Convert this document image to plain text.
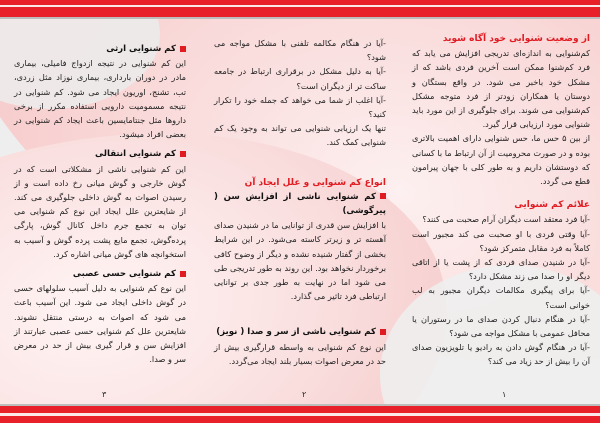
از وضعیت شنوایی خود آگاه شوید

کم‌شنوایی به اندازه‌ای تدریجی افزایش می یابد که فرد کم‌شنوا ممکن است آخرین فردی باشد که از مشکل خود باخبر می شود. در واقع بستگان و دوستان یا همکاران زودتر از فرد متوجه مشکل کم‌شنوایی می شوند. برای جلوگیری از این مورد باید شنوایی مورد ارزیابی قرار گیرد.

از بین ۵ حس ما، حس شنوایی دارای اهمیت بالاتری بوده و در صورت محرومیت از آن ارتباط ما با کسانی که دوستشان داریم و به طور کلی با جهان پیرامون قطع می گردد.

علائم کم شنوایی

-آیا فرد معتقد است دیگران آرام صحبت می کنند؟

-آیا وقتی فردی با او صحبت می کند مجبور است کاملاً به فرد مقابل متمرکز شود؟

-آیا در شنیدن صدای فردی که از پشت یا از اتاقی دیگر او را صدا می زند مشکل دارد؟

-آیا برای پیگیری مکالمات دیگران مجبور به لب خوانی است؟

-آیا در هنگام دنبال کردن صدای ما در رستوران یا محافل عمومی با مشکل مواجه می شود؟

-آیا در هنگام گوش دادن به رادیو یا تلویزیون صدای آن را بیش از حد زیاد می کند؟

۱

-آیا در هنگام مکالمه تلفنی با مشکل مواجه می شود؟

-آیا به دلیل مشکل در برقراری ارتباط در جامعه ساکت تر از دیگران است؟

-آیا اغلب از شما می خواهد که جمله خود را تکرار کنید؟

تنها یک ارزیابی شنوایی می تواند به وجود یک کم شنوایی کمک کند.

انواع کم شنوایی و علل ایجاد آن

کم شنوایی ناشی از افزایش سن ( پیرگوشی)

با افزایش سن قدری از توانایی ما در شنیدن صدای آهسته تر و زیرتر کاسته می‌شود. در این شرایط بخشی از گفتار شنیده نشده و دیگر از وضوح کافی برخوردار نخواهد بود. این روند به طور تدریجی طی می شود اما در نهایت به طور جدی بر توانایی ارتباطی فرد تاثیر می گذارد.

کم شنوایی ناشی از سر و صدا ( نویز)

این نوع کم شنوایی به واسطه قرارگیری بیش از حد در معرض اصوات بسیار بلند ایجاد می‌گردد.

۲

کم شنوایی ارثی

این کم شنوایی در نتیجه ازدواج فامیلی، بیماری مادر در دوران بارداری، بیماری نوزاد مثل زردی، تب، تشنج، اوریون ایجاد می شود. کم شنوایی در نتیجه مسمومیت دارویی استفاده مکرر از برخی داروها مثل جنتامایسین باعث ایجاد کم شنوایی در بعضی افراد میشود.

کم شنوایی انتقالی

این کم شنوایی ناشی از مشکلاتی است که در گوش خارجی و گوش میانی رخ داده است و از رسیدن اصوات به گوش داخلی جلوگیری می کند. از شایعترین علل ایجاد این نوع کم شنوایی می توان به تجمع جرم داخل کانال گوش، پارگی پرده‌گوش، تجمع مایع پشت پرده گوش و آسیب به استخوانچه های گوش میانی اشاره کرد.

کم شنوایی حسی عصبی

این نوع کم شنوایی به دلیل آسیب سلولهای حسی در گوش داخلی ایجاد می شود. این آسیب باعث می شود که اصوات به درستی منتقل نشوند. شایعترین علل کم شنوایی حسی عصبی عبارتند از افزایش سن و قرار گیری بیش از حد در معرض سر و صدا.

۳
